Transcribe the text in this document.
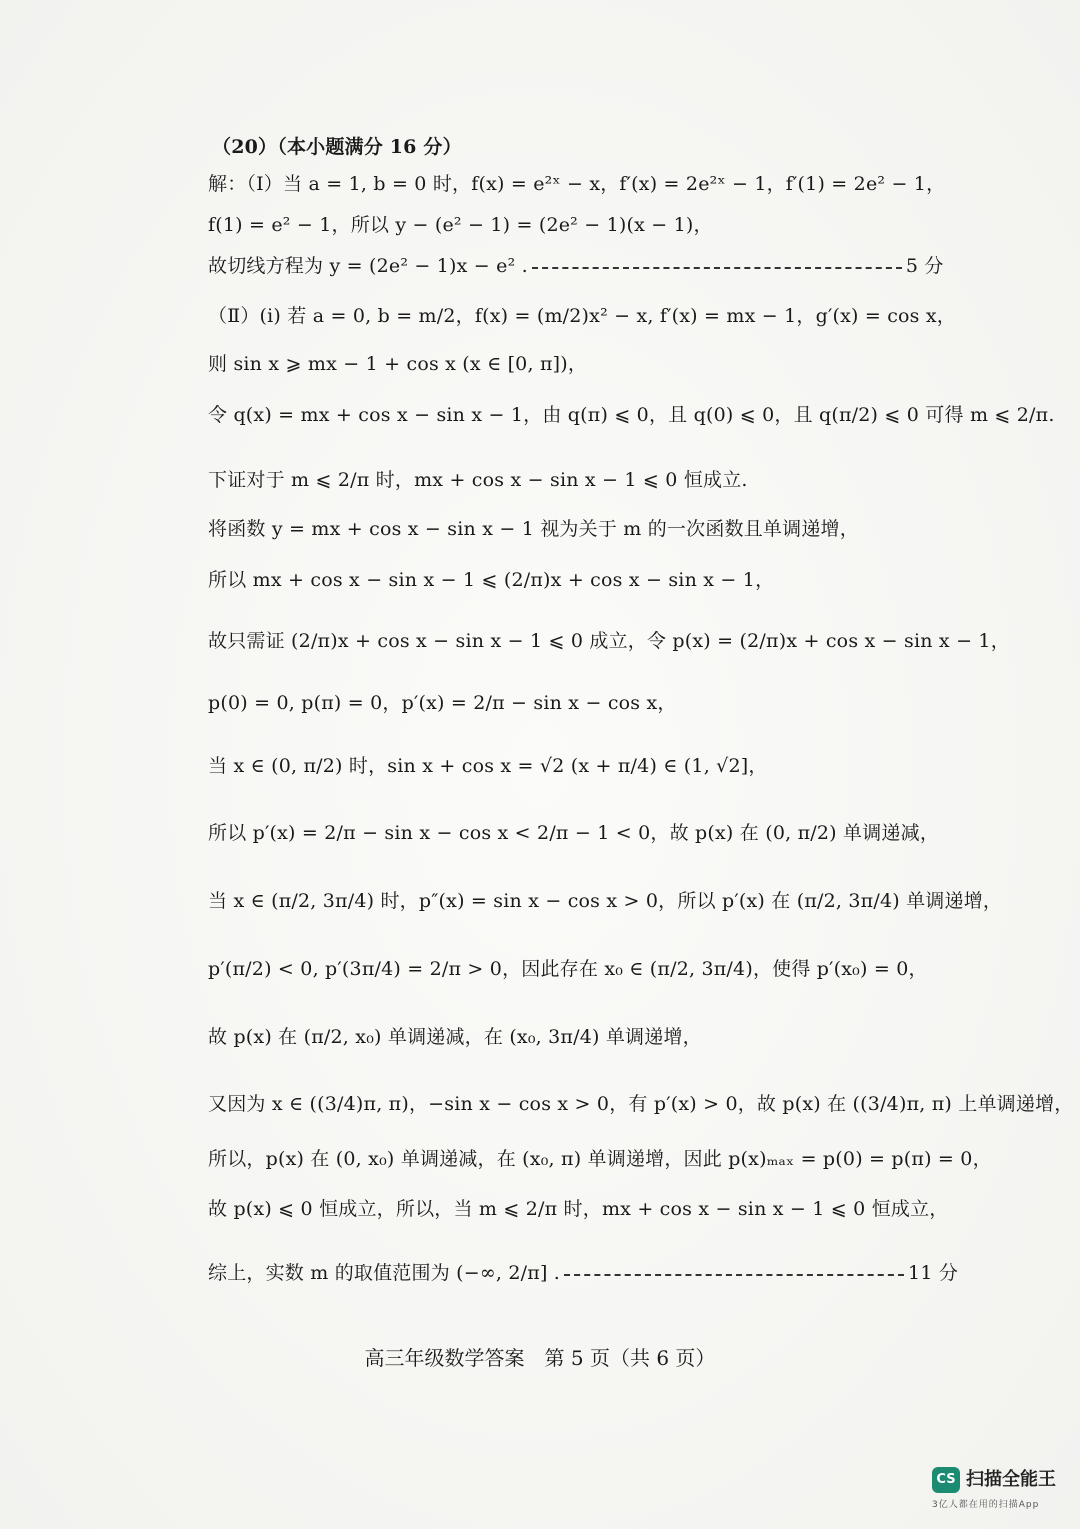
（20）（本小题满分 16 分）
解：（Ⅰ）当 a = 1, b = 0 时，f(x) = e²ˣ − x，f′(x) = 2e²ˣ − 1，f′(1) = 2e² − 1，
f(1) = e² − 1，所以 y − (e² − 1) = (2e² − 1)(x − 1)，
故切线方程为 y = (2e² − 1)x − e² .	5 分
（Ⅱ）(i) 若 a = 0, b = m/2，f(x) = (m/2)x² − x, f′(x) = mx − 1，g′(x) = cos x，
则 sin x ⩾ mx − 1 + cos x (x ∈ [0, π])，
令 q(x) = mx + cos x − sin x − 1，由 q(π) ⩽ 0，且 q(0) ⩽ 0，且 q(π/2) ⩽ 0 可得 m ⩽ 2/π.
下证对于 m ⩽ 2/π 时，mx + cos x − sin x − 1 ⩽ 0 恒成立.
将函数 y = mx + cos x − sin x − 1 视为关于 m 的一次函数且单调递增，
所以 mx + cos x − sin x − 1 ⩽ (2/π)x + cos x − sin x − 1，
故只需证 (2/π)x + cos x − sin x − 1 ⩽ 0 成立，令 p(x) = (2/π)x + cos x − sin x − 1，
p(0) = 0, p(π) = 0，p′(x) = 2/π − sin x − cos x，
当 x ∈ (0, π/2) 时，sin x + cos x = √2 (x + π/4) ∈ (1, √2]，
所以 p′(x) = 2/π − sin x − cos x < 2/π − 1 < 0，故 p(x) 在 (0, π/2) 单调递减，
当 x ∈ (π/2, 3π/4) 时，p″(x) = sin x − cos x > 0，所以 p′(x) 在 (π/2, 3π/4) 单调递增，
p′(π/2) < 0, p′(3π/4) = 2/π > 0，因此存在 x₀ ∈ (π/2, 3π/4)，使得 p′(x₀) = 0，
故 p(x) 在 (π/2, x₀) 单调递减，在 (x₀, 3π/4) 单调递增，
又因为 x ∈ ((3/4)π, π)，−sin x − cos x > 0，有 p′(x) > 0，故 p(x) 在 ((3/4)π, π) 上单调递增，
所以，p(x) 在 (0, x₀) 单调递减，在 (x₀, π) 单调递增，因此 p(x)ₘₐₓ = p(0) = p(π) = 0，
故 p(x) ⩽ 0 恒成立，所以，当 m ⩽ 2/π 时，mx + cos x − sin x − 1 ⩽ 0 恒成立，
综上，实数 m 的取值范围为 (−∞, 2/π] .	11 分
高三年级数学答案　第 5 页（共 6 页）
CS 扫描全能王
3亿人都在用的扫描App
